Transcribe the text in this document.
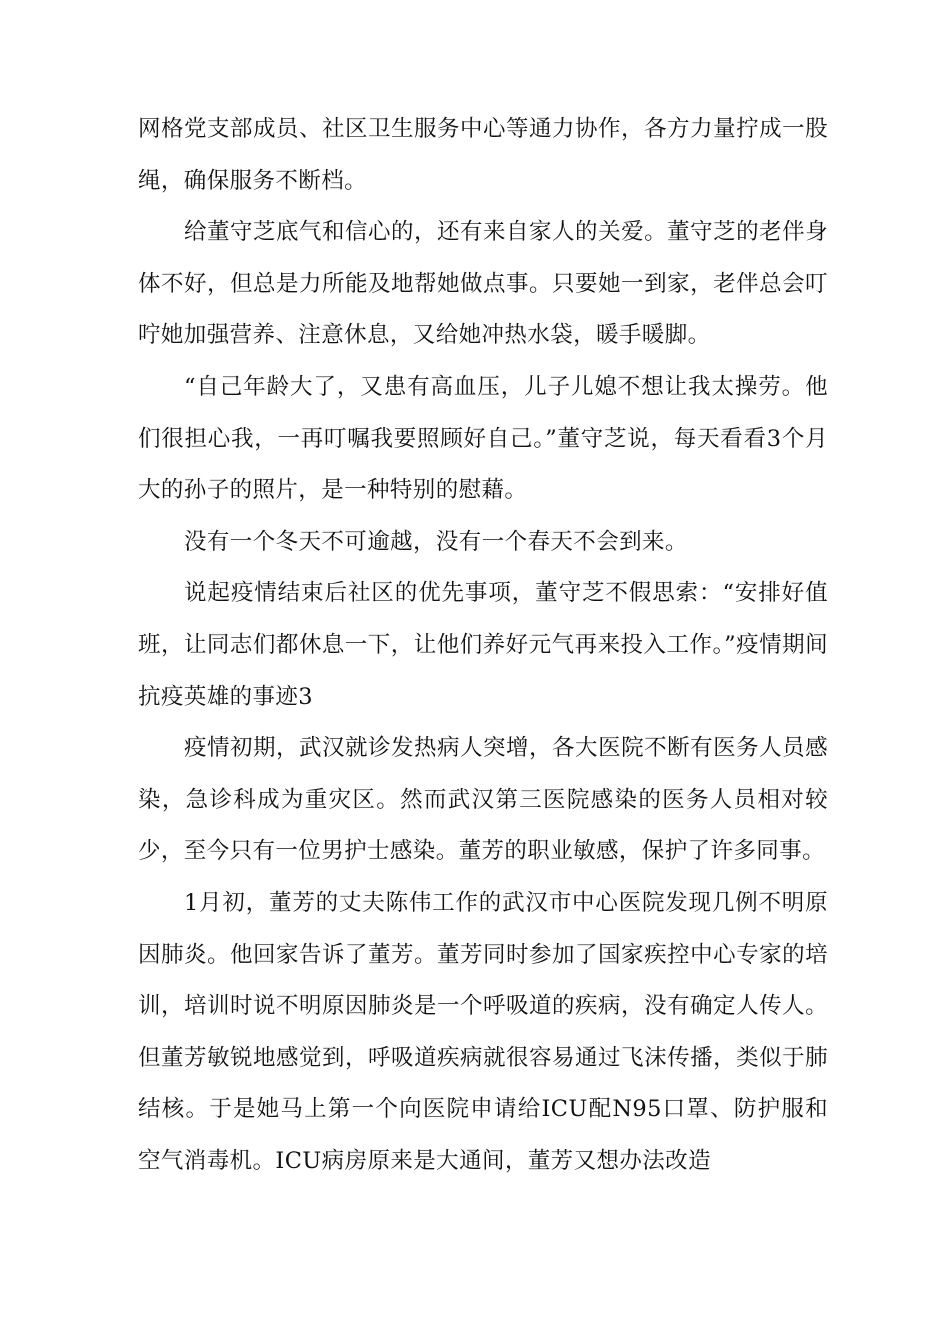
网格党支部成员、社区卫生服务中心等通力协作，各方力量拧成一股绳，确保服务不断档。

给董守芝底气和信心的，还有来自家人的关爱。董守芝的老伴身体不好，但总是力所能及地帮她做点事。只要她一到家，老伴总会叮咛她加强营养、注意休息，又给她冲热水袋，暖手暖脚。

“自己年龄大了，又患有高血压，儿子儿媳不想让我太操劳。他们很担心我，一再叮嘱我要照顾好自己。”董守芝说，每天看看3个月大的孙子的照片，是一种特别的慰藉。

没有一个冬天不可逾越，没有一个春天不会到来。

说起疫情结束后社区的优先事项，董守芝不假思索：“安排好值班，让同志们都休息一下，让他们养好元气再来投入工作。”疫情期间抗疫英雄的事迹3

疫情初期，武汉就诊发热病人突增，各大医院不断有医务人员感染，急诊科成为重灾区。然而武汉第三医院感染的医务人员相对较少，至今只有一位男护士感染。董芳的职业敏感，保护了许多同事。

1月初，董芳的丈夫陈伟工作的武汉市中心医院发现几例不明原因肺炎。他回家告诉了董芳。董芳同时参加了国家疾控中心专家的培训，培训时说不明原因肺炎是一个呼吸道的疾病，没有确定人传人。但董芳敏锐地感觉到，呼吸道疾病就很容易通过飞沫传播，类似于肺结核。于是她马上第一个向医院申请给ICU配N95口罩、防护服和空气消毒机。ICU病房原来是大通间，董芳又想办法改造
